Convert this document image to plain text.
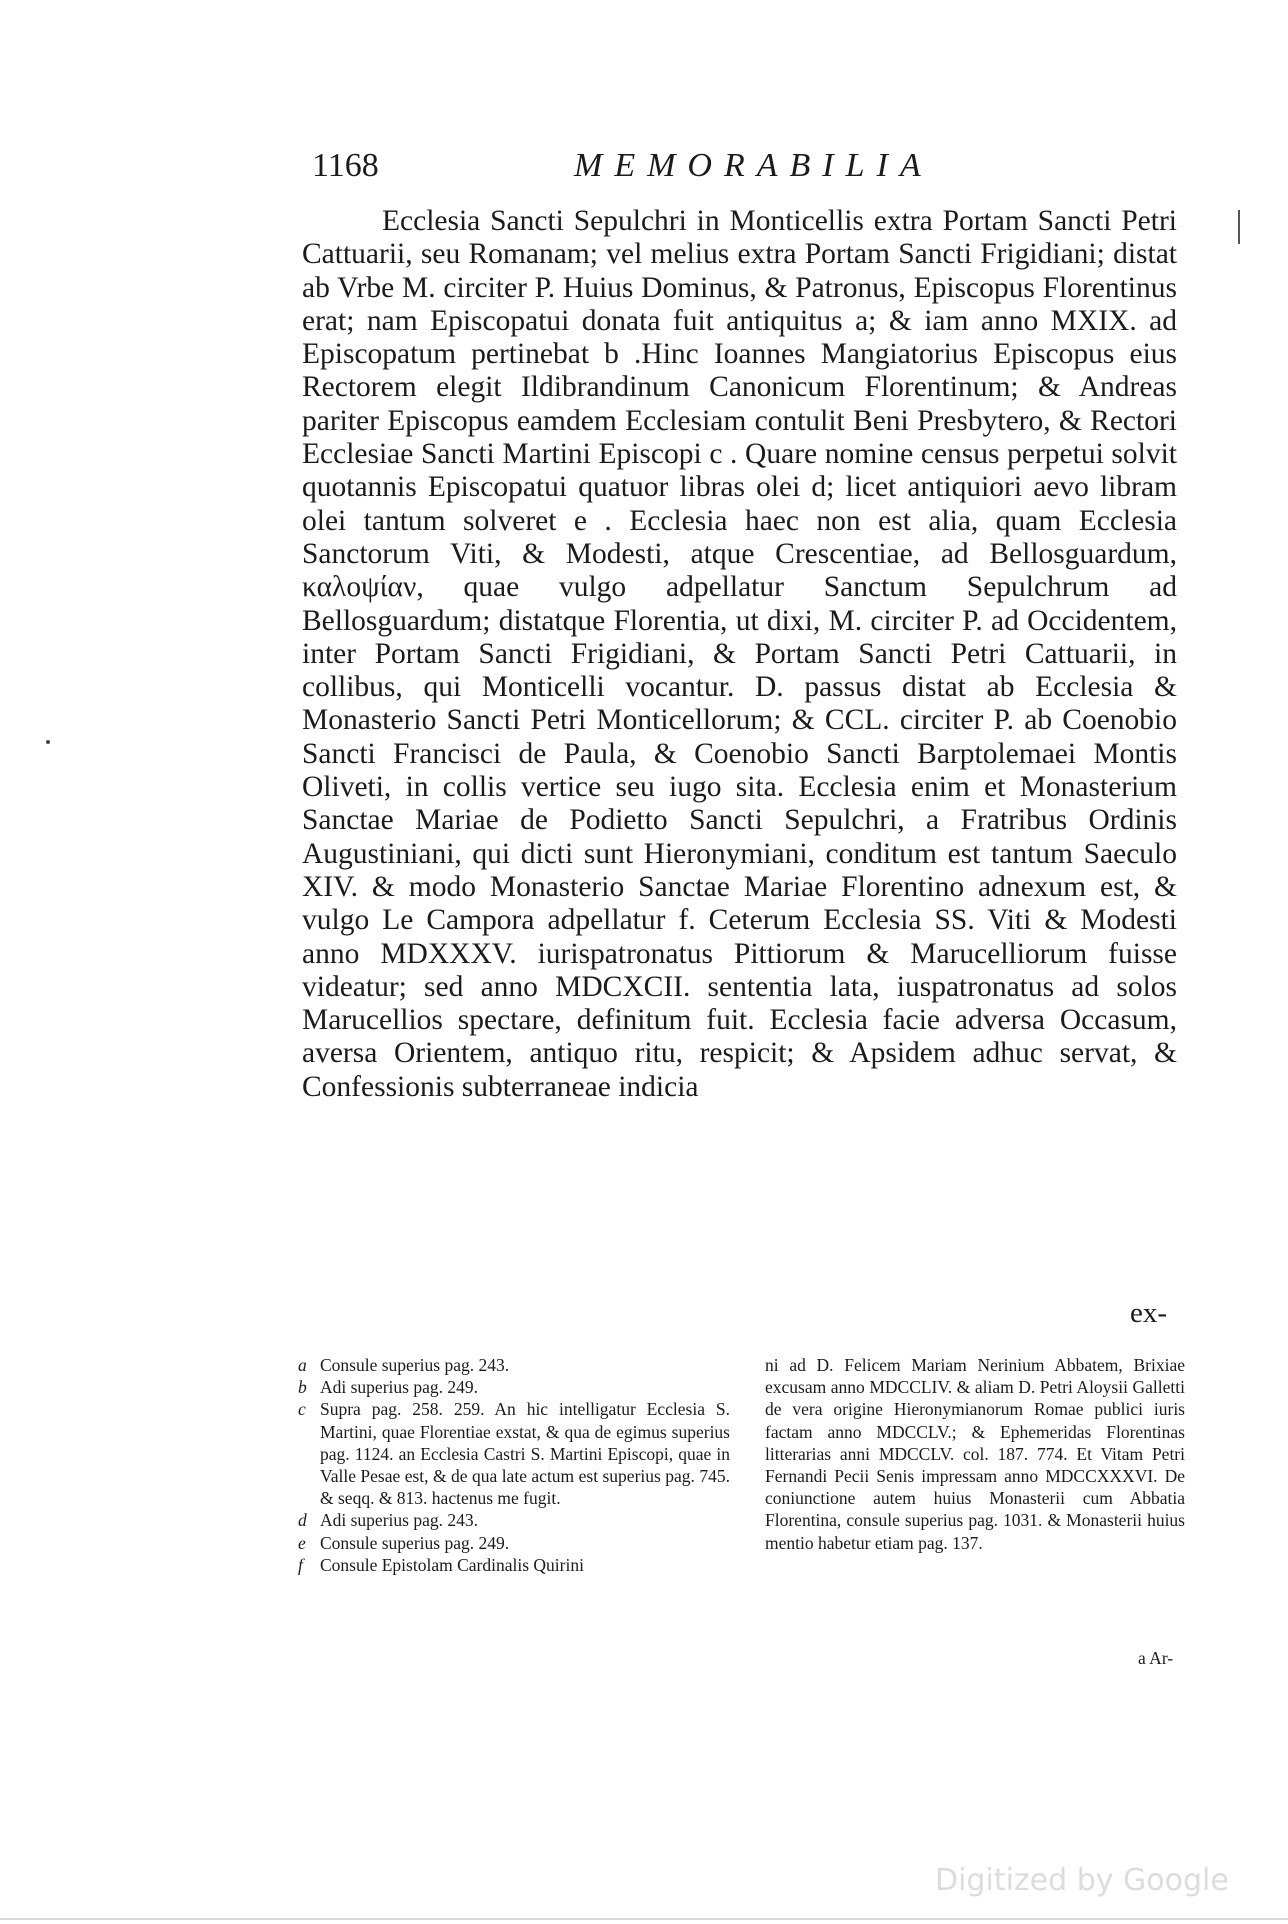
1168	MEMORABILIA

Ecclesia Sancti Sepulchri in Monticellis extra Portam Sancti Petri Cattuarii, seu Romanam; vel melius extra Portam Sancti Frigidiani; distat ab Vrbe M. circiter P. Huius Dominus, & Patronus, Episcopus Florentinus erat; nam Episcopatui donata fuit antiquitus a; & iam anno MXIX. ad Episcopatum pertinebat b .Hinc Ioannes Mangiatorius Episcopus eius Rectorem elegit Ildibrandinum Canonicum Florentinum; & Andreas pariter Episcopus eamdem Ecclesiam contulit Beni Presbytero, & Rectori Ecclesiae Sancti Martini Episcopi c . Quare nomine census perpetui solvit quotannis Episcopatui quatuor libras olei d; licet antiquiori aevo libram olei tantum solveret e . Ecclesia haec non est alia, quam Ecclesia Sanctorum Viti, & Modesti, atque Crescentiae, ad Bellosguardum, καλοψίαν, quae vulgo adpellatur Sanctum Sepulchrum ad Bellosguardum; distatque Florentia, ut dixi, M. circiter P. ad Occidentem, inter Portam Sancti Frigidiani, & Portam Sancti Petri Cattuarii, in collibus, qui Monticelli vocantur. D. passus distat ab Ecclesia & Monasterio Sancti Petri Monticellorum; & CCL. circiter P. ab Coenobio Sancti Francisci de Paula, & Coenobio Sancti Barptolemaei Montis Oliveti, in collis vertice seu iugo sita. Ecclesia enim et Monasterium Sanctae Mariae de Podietto Sancti Sepulchri, a Fratribus Ordinis Augustiniani, qui dicti sunt Hieronymiani, conditum est tantum Saeculo XIV. & modo Monasterio Sanctae Mariae Florentino adnexum est, & vulgo Le Campora adpellatur f. Ceterum Ecclesia SS. Viti & Modesti anno MDXXXV. iurispatronatus Pittiorum & Marucelliorum fuisse videatur; sed anno MDCXCII. sententia lata, iuspatronatus ad solos Marucellios spectare, definitum fuit. Ecclesia facie adversa Occasum, aversa Orientem, antiquo ritu, respicit; & Apsidem adhuc servat, & Confessionis subterraneae indicia

ex-

a Consule superius pag. 243.

b Adi superius pag. 249.

c Supra pag. 258. 259. An hic intelligatur Ecclesia S. Martini, quae Florentiae exstat, & qua de egimus superius pag. 1124. an Ecclesia Castri S. Martini Episcopi, quae in Valle Pesae est, & de qua late actum est superius pag. 745. & seqq. & 813. hactenus me fugit.

d Adi superius pag. 243.

e Consule superius pag. 249.

f Consule Epistolam Cardinalis Quirini

ni ad D. Felicem Mariam Nerinium Abbatem, Brixiae excusam anno MDCCLIV. & aliam D. Petri Aloysii Galletti de vera origine Hieronymianorum Romae publici iuris factam anno MDCCLV.; & Ephemeridas Florentinas litterarias anni MDCCLV. col. 187. 774. Et Vitam Petri Fernandi Pecii Senis impressam anno MDCCXXXVI. De coniunctione autem huius Monasterii cum Abbatia Florentina, consule superius pag. 1031. & Monasterii huius mentio habetur etiam pag. 137.

a Ar-
Digitized by Google
